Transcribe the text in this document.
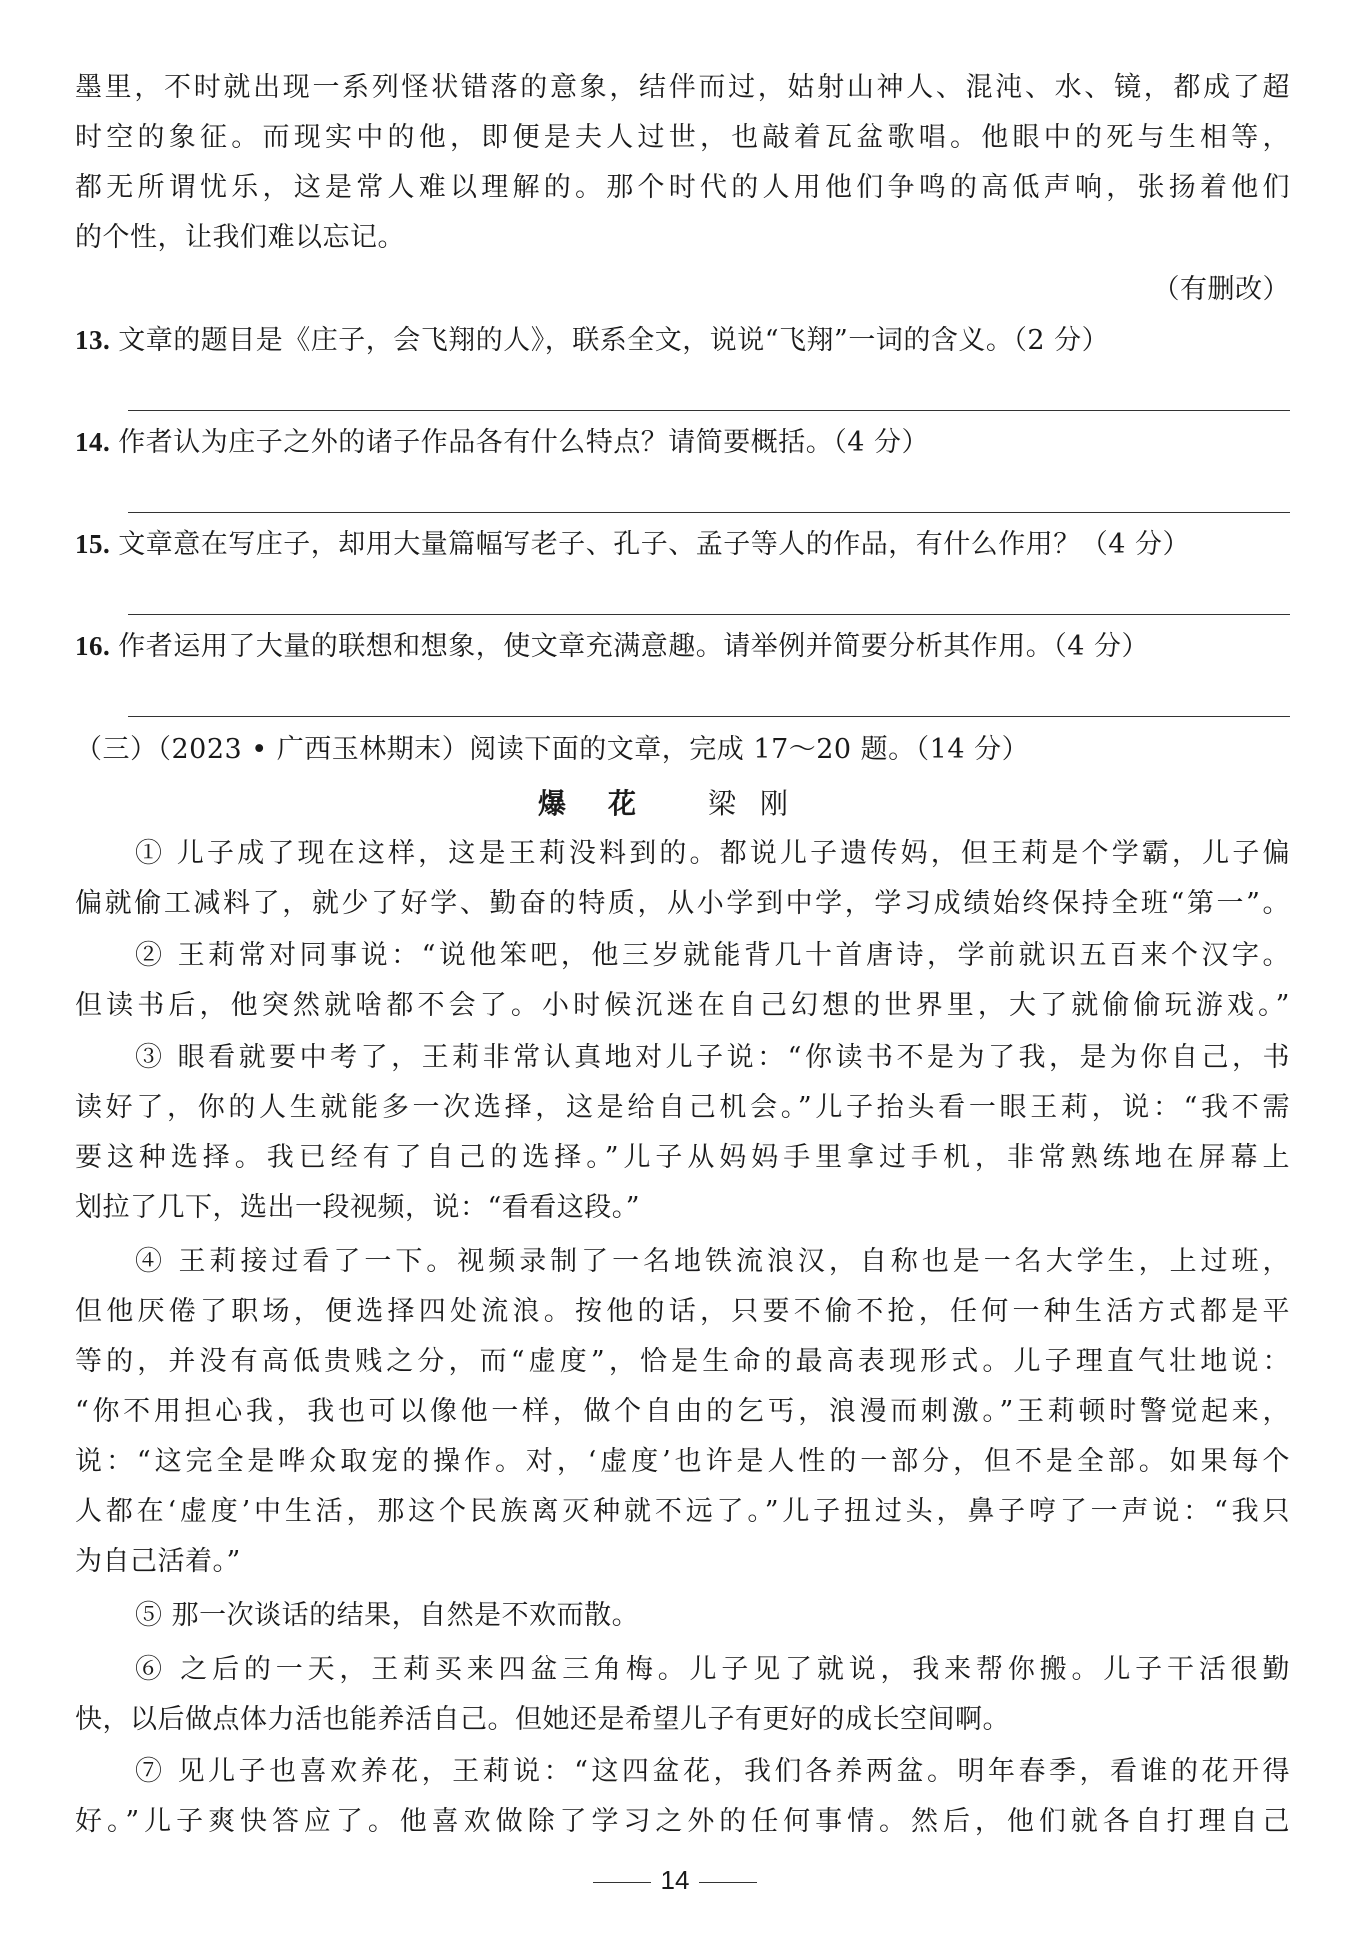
墨里，不时就出现一系列怪状错落的意象，结伴而过，姑射山神人、混沌、水、镜，都成了超
时空的象征。而现实中的他，即便是夫人过世，也敲着瓦盆歌唱。他眼中的死与生相等，
都无所谓忧乐，这是常人难以理解的。那个时代的人用他们争鸣的高低声响，张扬着他们
的个性，让我们难以忘记。
（有删改）
13. 文章的题目是《庄子，会飞翔的人》，联系全文，说说“飞翔”一词的含义。（2 分）
14. 作者认为庄子之外的诸子作品各有什么特点？请简要概括。（4 分）
15. 文章意在写庄子，却用大量篇幅写老子、孔子、孟子等人的作品，有什么作用？（4 分）
16. 作者运用了大量的联想和想象，使文章充满意趣。请举例并简要分析其作用。（4 分）
（三）（2023 • 广西玉林期末）阅读下面的文章，完成 17～20 题。（14 分）
爆花 梁刚
① 儿子成了现在这样，这是王莉没料到的。都说儿子遗传妈，但王莉是个学霸，儿子偏
偏就偷工减料了，就少了好学、勤奋的特质，从小学到中学，学习成绩始终保持全班“第一”。
② 王莉常对同事说：“说他笨吧，他三岁就能背几十首唐诗，学前就识五百来个汉字。
但读书后，他突然就啥都不会了。小时候沉迷在自己幻想的世界里，大了就偷偷玩游戏。”
③ 眼看就要中考了，王莉非常认真地对儿子说：“你读书不是为了我，是为你自己，书
读好了，你的人生就能多一次选择，这是给自己机会。”儿子抬头看一眼王莉，说：“我不需
要这种选择。我已经有了自己的选择。”儿子从妈妈手里拿过手机，非常熟练地在屏幕上
划拉了几下，选出一段视频，说：“看看这段。”
④ 王莉接过看了一下。视频录制了一名地铁流浪汉，自称也是一名大学生，上过班，
但他厌倦了职场，便选择四处流浪。按他的话，只要不偷不抢，任何一种生活方式都是平
等的，并没有高低贵贱之分，而“虚度”，恰是生命的最高表现形式。儿子理直气壮地说：
“你不用担心我，我也可以像他一样，做个自由的乞丐，浪漫而刺激。”王莉顿时警觉起来，
说：“这完全是哗众取宠的操作。对，‘虚度’也许是人性的一部分，但不是全部。如果每个
人都在‘虚度’中生活，那这个民族离灭种就不远了。”儿子扭过头，鼻子哼了一声说：“我只
为自己活着。”
⑤ 那一次谈话的结果，自然是不欢而散。
⑥ 之后的一天，王莉买来四盆三角梅。儿子见了就说，我来帮你搬。儿子干活很勤
快，以后做点体力活也能养活自己。但她还是希望儿子有更好的成长空间啊。
⑦ 见儿子也喜欢养花，王莉说：“这四盆花，我们各养两盆。明年春季，看谁的花开得
好。”儿子爽快答应了。他喜欢做除了学习之外的任何事情。然后，他们就各自打理自己
14
